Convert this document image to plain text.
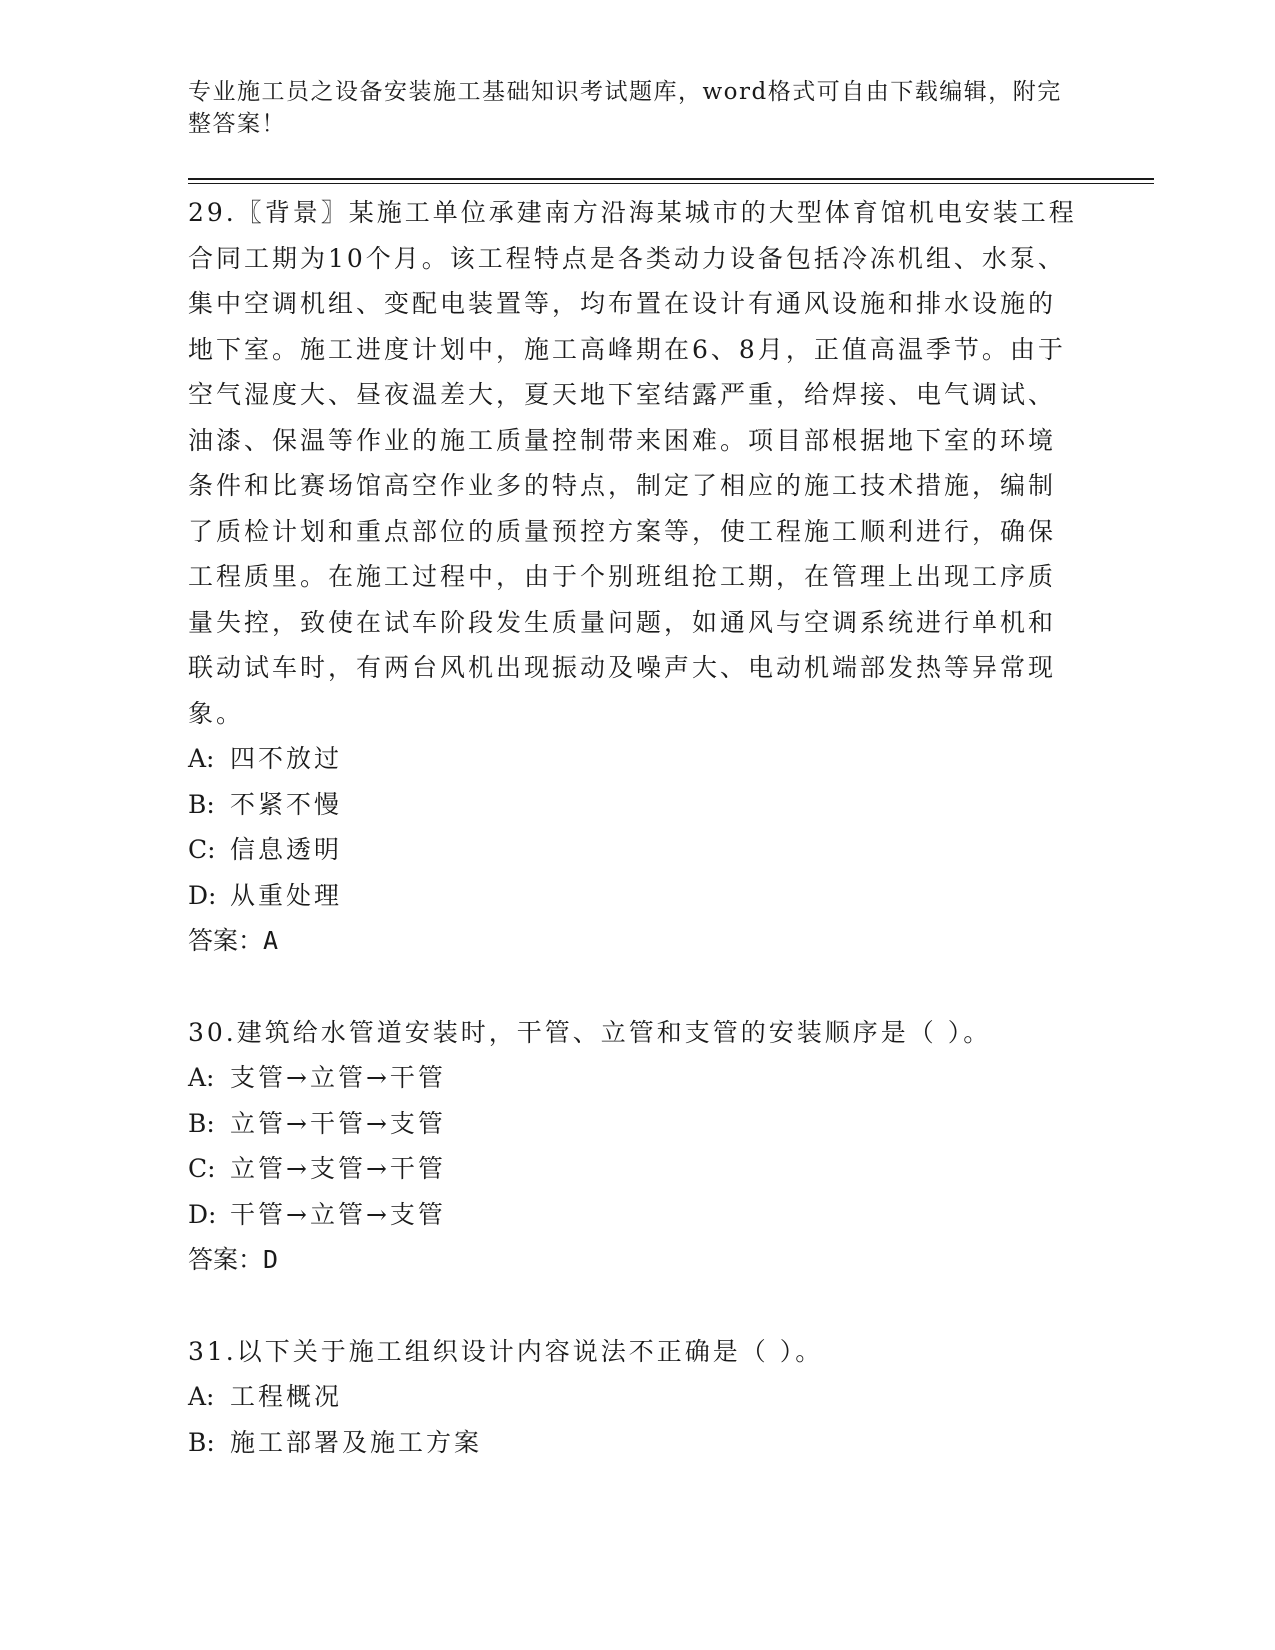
专业施工员之设备安装施工基础知识考试题库，word格式可自由下载编辑，附完整答案！

29.〖背景〗某施工单位承建南方沿海某城市的大型体育馆机电安装工程合同工期为10个月。该工程特点是各类动力设备包括冷冻机组、水泵、集中空调机组、变配电装置等，均布置在设计有通风设施和排水设施的地下室。施工进度计划中，施工高峰期在6、8月，正值高温季节。由于空气湿度大、昼夜温差大，夏天地下室结露严重，给焊接、电气调试、油漆、保温等作业的施工质量控制带来困难。项目部根据地下室的环境条件和比赛场馆高空作业多的特点，制定了相应的施工技术措施，编制了质检计划和重点部位的质量预控方案等，使工程施工顺利进行，确保工程质里。在施工过程中，由于个别班组抢工期，在管理上出现工序质量失控，致使在试车阶段发生质量问题，如通风与空调系统进行单机和联动试车时，有两台风机出现振动及噪声大、电动机端部发热等异常现象。

A: 四不放过

B: 不紧不慢

C: 信息透明

D: 从重处理

答案：A

30.建筑给水管道安装时，干管、立管和支管的安装顺序是（ ）。

A: 支管→立管→干管

B: 立管→干管→支管

C: 立管→支管→干管

D: 干管→立管→支管

答案：D

31.以下关于施工组织设计内容说法不正确是（ ）。

A: 工程概况

B: 施工部署及施工方案
